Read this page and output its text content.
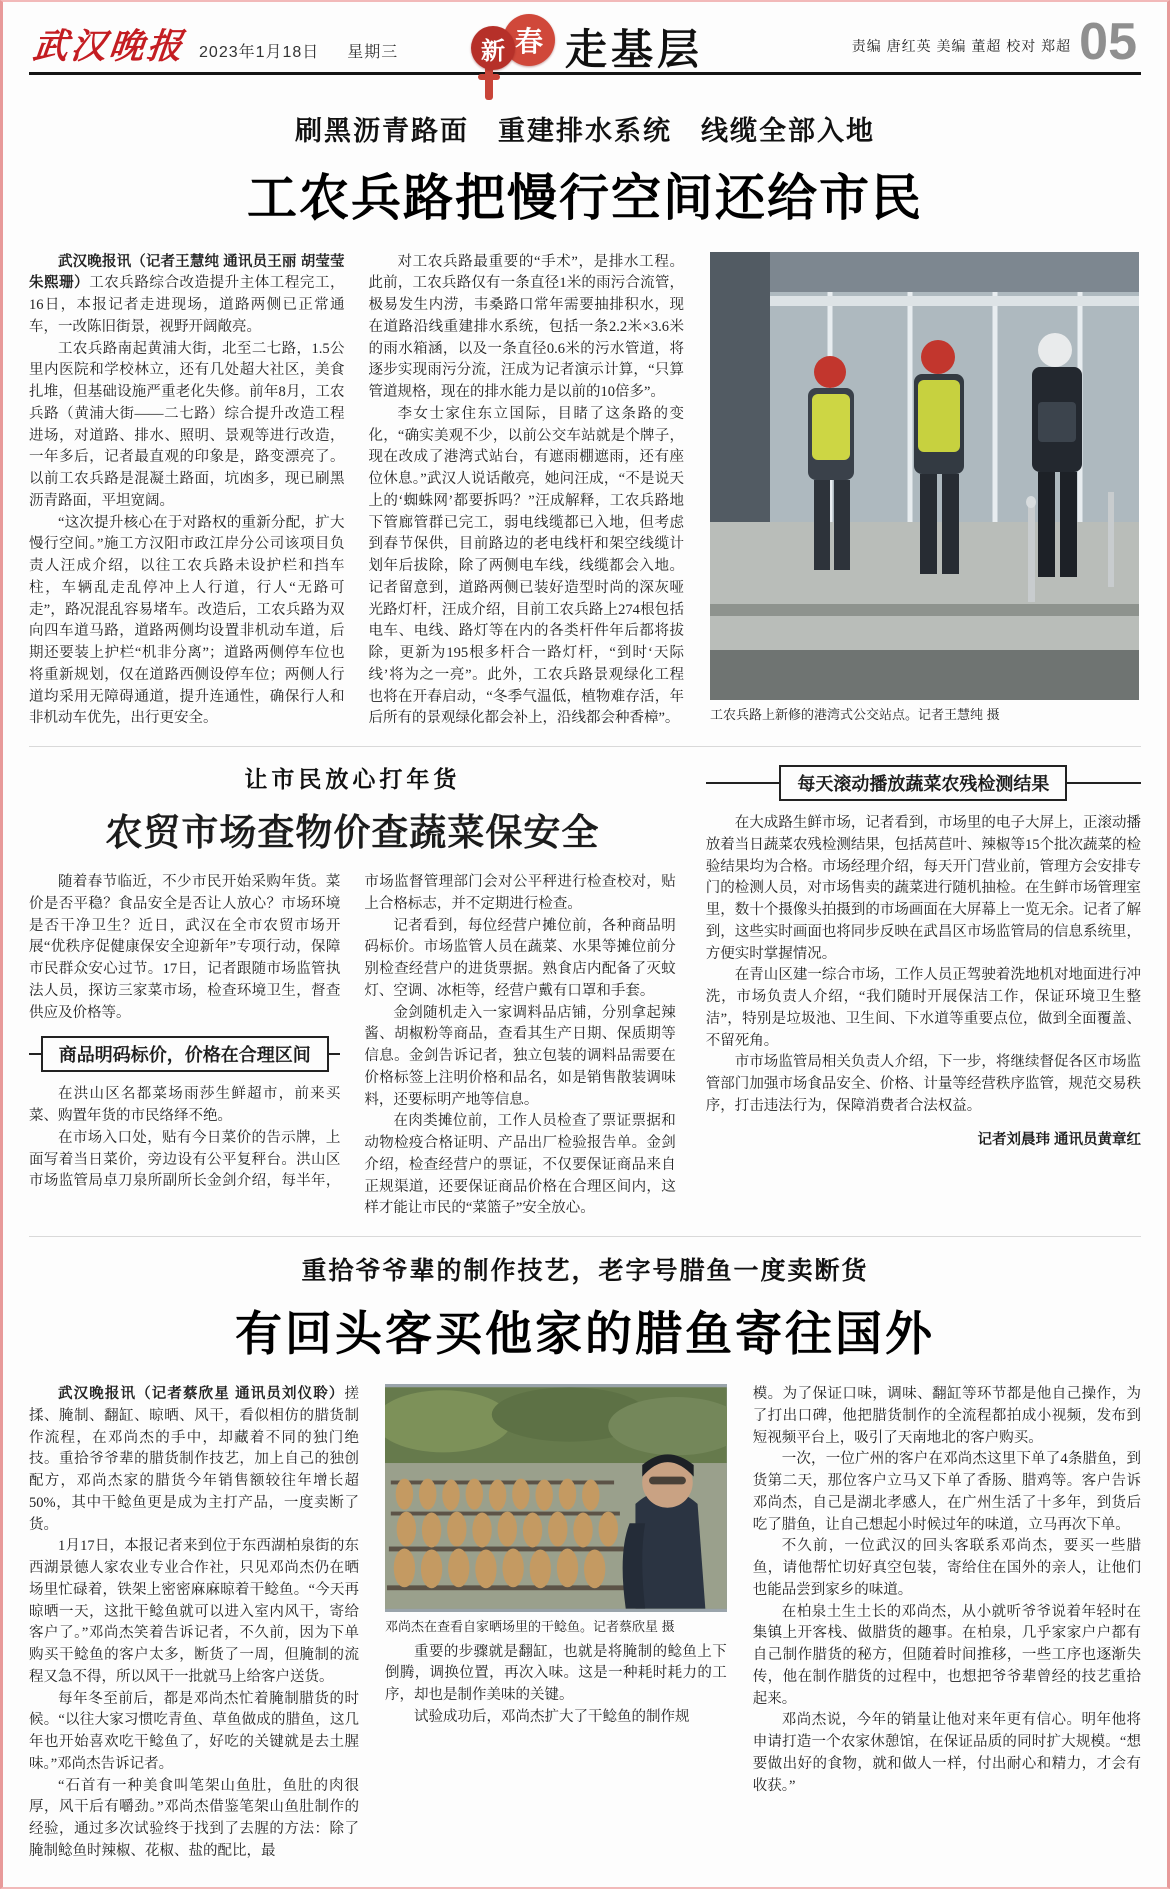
武汉晚报 2023年1月18日 　 星期三	新 春 走基层	责编 唐红英 美编 董超 校对 郑超 05
刷黑沥青路面　重建排水系统　线缆全部入地
工农兵路把慢行空间还给市民

武汉晚报讯（记者王慧纯 通讯员王丽 胡莹莹 朱熙珊）工农兵路综合改造提升主体工程完工，16日，本报记者走进现场，道路两侧已正常通车，一改陈旧街景，视野开阔敞亮。

工农兵路南起黄浦大街，北至二七路，1.5公里内医院和学校林立，还有几处超大社区，美食扎堆，但基础设施严重老化失修。前年8月，工农兵路（黄浦大街——二七路）综合提升改造工程进场，对道路、排水、照明、景观等进行改造，一年多后，记者最直观的印象是，路变漂亮了。以前工农兵路是混凝土路面，坑凼多，现已刷黑沥青路面，平坦宽阔。

“这次提升核心在于对路权的重新分配，扩大慢行空间。”施工方汉阳市政江岸分公司该项目负责人汪成介绍，以往工农兵路未设护栏和挡车柱，车辆乱走乱停冲上人行道，行人“无路可走”，路况混乱容易堵车。改造后，工农兵路为双向四车道马路，道路两侧均设置非机动车道，后期还要装上护栏“机非分离”；道路两侧停车位也将重新规划，仅在道路西侧设停车位；两侧人行道均采用无障碍通道，提升连通性，确保行人和非机动车优先，出行更安全。

对工农兵路最重要的“手术”，是排水工程。此前，工农兵路仅有一条直径1米的雨污合流管，极易发生内涝，韦桑路口常年需要抽排积水，现在道路沿线重建排水系统，包括一条2.2米×3.6米的雨水箱涵，以及一条直径0.6米的污水管道，将逐步实现雨污分流，汪成为记者演示计算，“只算管道规格，现在的排水能力是以前的10倍多”。

李女士家住东立国际，目睹了这条路的变化，“确实美观不少，以前公交车站就是个牌子，现在改成了港湾式站台，有遮雨棚遮雨，还有座位休息。”武汉人说话敞亮，她问汪成，“不是说天上的‘蜘蛛网’都要拆吗？”汪成解释，工农兵路地下管廊管群已完工，弱电线缆都已入地，但考虑到春节保供，目前路边的老电线杆和架空线缆计划年后拔除，除了两侧电车线，线缆都会入地。记者留意到，道路两侧已装好造型时尚的深灰哑光路灯杆，汪成介绍，目前工农兵路上274根包括电车、电线、路灯等在内的各类杆件年后都将拔除，更新为195根多杆合一路灯杆，“到时‘天际线’将为之一亮”。此外，工农兵路景观绿化工程也将在开春启动，“冬季气温低，植物难存活，年后所有的景观绿化都会补上，沿线都会种香樟”。	工农兵路上新修的港湾式公交站点。记者王慧纯 摄
让市民放心打年货
农贸市场查物价查蔬菜保安全

随着春节临近，不少市民开始采购年货。菜价是否平稳？食品安全是否让人放心？市场环境是否干净卫生？近日，武汉在全市农贸市场开展“优秩序促健康保安全迎新年”专项行动，保障市民群众安心过节。17日，记者跟随市场监管执法人员，探访三家菜市场，检查环境卫生，督查供应及价格等。

商品明码标价，价格在合理区间

在洪山区名都菜场雨莎生鲜超市，前来买菜、购置年货的市民络绎不绝。

在市场入口处，贴有今日菜价的告示牌，上面写着当日菜价，旁边设有公平复秤台。洪山区市场监管局卓刀泉所副所长金剑介绍，每半年，市场监督管理部门会对公平秤进行检查校对，贴上合格标志，并不定期进行检查。

记者看到，每位经营户摊位前，各种商品明码标价。市场监管人员在蔬菜、水果等摊位前分别检查经营户的进货票据。熟食店内配备了灭蚊灯、空调、冰柜等，经营户戴有口罩和手套。

金剑随机走入一家调料品店铺，分别拿起辣酱、胡椒粉等商品，查看其生产日期、保质期等信息。金剑告诉记者，独立包装的调料品需要在价格标签上注明价格和品名，如是销售散装调味料，还要标明产地等信息。

在肉类摊位前，工作人员检查了票证票据和动物检疫合格证明、产品出厂检验报告单。金剑介绍，检查经营户的票证，不仅要保证商品来自正规渠道，还要保证商品价格在合理区间内，这样才能让市民的“菜篮子”安全放心。

每天滚动播放蔬菜农残检测结果

在大成路生鲜市场，记者看到，市场里的电子大屏上，正滚动播放着当日蔬菜农残检测结果，包括莴苣叶、辣椒等15个批次蔬菜的检验结果均为合格。市场经理介绍，每天开门营业前，管理方会安排专门的检测人员，对市场售卖的蔬菜进行随机抽检。在生鲜市场管理室里，数十个摄像头拍摄到的市场画面在大屏幕上一览无余。记者了解到，这些实时画面也将同步反映在武昌区市场监管局的信息系统里，方便实时掌握情况。

在青山区建一综合市场，工作人员正驾驶着洗地机对地面进行冲洗，市场负责人介绍，“我们随时开展保洁工作，保证环境卫生整洁”，特别是垃圾池、卫生间、下水道等重要点位，做到全面覆盖、不留死角。

市市场监管局相关负责人介绍，下一步，将继续督促各区市场监管部门加强市场食品安全、价格、计量等经营秩序监管，规范交易秩序，打击违法行为，保障消费者合法权益。

记者刘晨玮 通讯员黄章红
重拾爷爷辈的制作技艺，老字号腊鱼一度卖断货
有回头客买他家的腊鱼寄往国外

武汉晚报讯（记者蔡欣星 通讯员刘仪聆）搓揉、腌制、翻缸、晾晒、风干，看似相仿的腊货制作流程，在邓尚杰的手中，却藏着不同的独门绝技。重拾爷爷辈的腊货制作技艺，加上自己的独创配方，邓尚杰家的腊货今年销售额较往年增长超50%，其中干鲶鱼更是成为主打产品，一度卖断了货。

1月17日，本报记者来到位于东西湖柏泉街的东西湖景德人家农业专业合作社，只见邓尚杰仍在晒场里忙碌着，铁架上密密麻麻晾着干鲶鱼。“今天再晾晒一天，这批干鲶鱼就可以进入室内风干，寄给客户了。”邓尚杰笑着告诉记者，不久前，因为下单购买干鲶鱼的客户太多，断货了一周，但腌制的流程又急不得，所以风干一批就马上给客户送货。

每年冬至前后，都是邓尚杰忙着腌制腊货的时候。“以往大家习惯吃青鱼、草鱼做成的腊鱼，这几年也开始喜欢吃干鲶鱼了，好吃的关键就是去土腥味。”邓尚杰告诉记者。

“石首有一种美食叫笔架山鱼肚，鱼肚的肉很厚，风干后有嚼劲。”邓尚杰借鉴笔架山鱼肚制作的经验，通过多次试验终于找到了去腥的方法：除了腌制鲶鱼时辣椒、花椒、盐的配比，最

邓尚杰在查看自家晒场里的干鲶鱼。记者蔡欣星 摄

重要的步骤就是翻缸，也就是将腌制的鲶鱼上下倒腾，调换位置，再次入味。这是一种耗时耗力的工序，却也是制作美味的关键。

试验成功后，邓尚杰扩大了干鲶鱼的制作规

模。为了保证口味，调味、翻缸等环节都是他自己操作，为了打出口碑，他把腊货制作的全流程都拍成小视频，发布到短视频平台上，吸引了天南地北的客户购买。

一次，一位广州的客户在邓尚杰这里下单了4条腊鱼，到货第二天，那位客户立马又下单了香肠、腊鸡等。客户告诉邓尚杰，自己是湖北孝感人，在广州生活了十多年，到货后吃了腊鱼，让自己想起小时候过年的味道，立马再次下单。

不久前，一位武汉的回头客联系邓尚杰，要买一些腊鱼，请他帮忙切好真空包装，寄给住在国外的亲人，让他们也能品尝到家乡的味道。

在柏泉土生土长的邓尚杰，从小就听爷爷说着年轻时在集镇上开客栈、做腊货的趣事。在柏泉，几乎家家户户都有自己制作腊货的秘方，但随着时间推移，一些工序也逐渐失传，他在制作腊货的过程中，也想把爷爷辈曾经的技艺重拾起来。

邓尚杰说，今年的销量让他对来年更有信心。明年他将申请打造一个农家休憩馆，在保证品质的同时扩大规模。“想要做出好的食物，就和做人一样，付出耐心和精力，才会有收获。”
